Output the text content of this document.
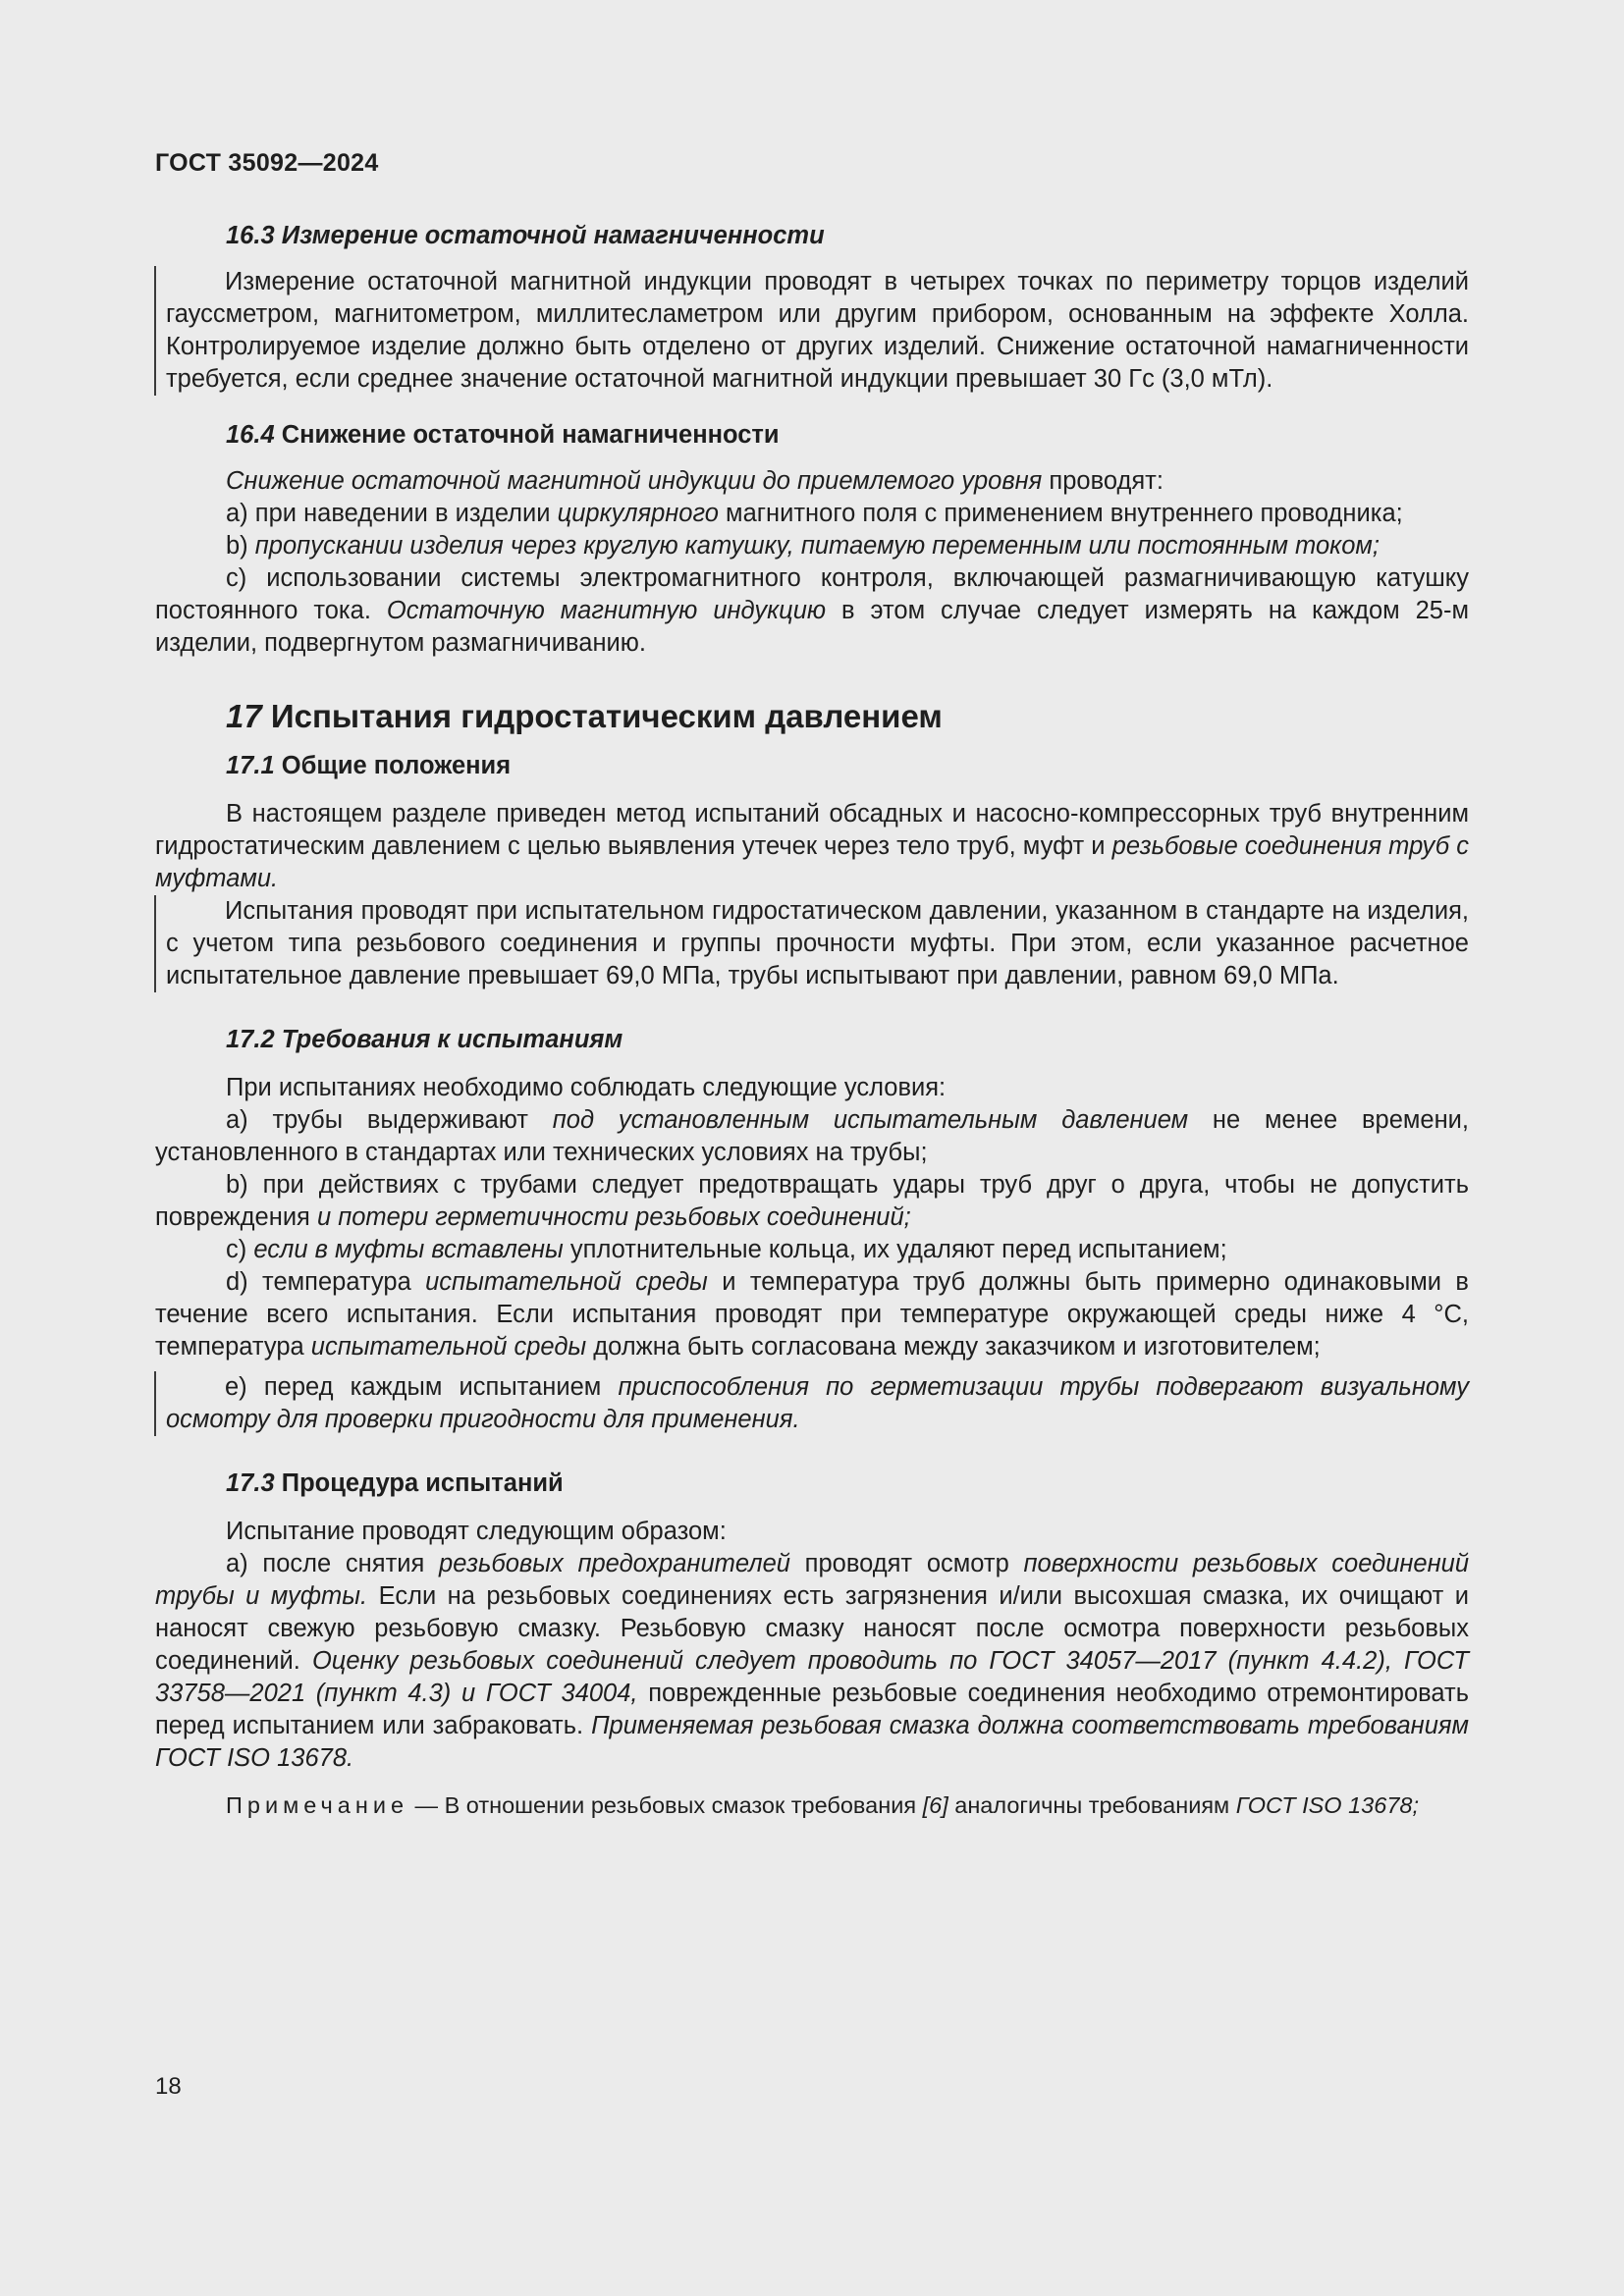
ГОСТ 35092—2024

16.3 Измерение остаточной намагниченности

Измерение остаточной магнитной индукции проводят в четырех точках по периметру торцов изделий гауссметром, магнитометром, миллитесламетром или другим прибором, основанным на эффекте Холла. Контролируемое изделие должно быть отделено от других изделий. Снижение остаточной намагниченности требуется, если среднее значение остаточной магнитной индукции превышает 30 Гс (3,0 мТл).

16.4 Снижение остаточной намагниченности

Снижение остаточной магнитной индукции до приемлемого уровня проводят:

a) при наведении в изделии циркулярного магнитного поля с применением внутреннего проводника;

b) пропускании изделия через круглую катушку, питаемую переменным или постоянным током;

c) использовании системы электромагнитного контроля, включающей размагничивающую катушку постоянного тока. Остаточную магнитную индукцию в этом случае следует измерять на каждом 25-м изделии, подвергнутом размагничиванию.

17 Испытания гидростатическим давлением

17.1 Общие положения

В настоящем разделе приведен метод испытаний обсадных и насосно-компрессорных труб внутренним гидростатическим давлением с целью выявления утечек через тело труб, муфт и резьбовые соединения труб с муфтами.

Испытания проводят при испытательном гидростатическом давлении, указанном в стандарте на изделия, с учетом типа резьбового соединения и группы прочности муфты. При этом, если указанное расчетное испытательное давление превышает 69,0 МПа, трубы испытывают при давлении, равном 69,0 МПа.

17.2 Требования к испытаниям

При испытаниях необходимо соблюдать следующие условия:

a) трубы выдерживают под установленным испытательным давлением не менее времени, установленного в стандартах или технических условиях на трубы;

b) при действиях с трубами следует предотвращать удары труб друг о друга, чтобы не допустить повреждения и потери герметичности резьбовых соединений;

c) если в муфты вставлены уплотнительные кольца, их удаляют перед испытанием;

d) температура испытательной среды и температура труб должны быть примерно одинаковыми в течение всего испытания. Если испытания проводят при температуре окружающей среды ниже 4 °C, температура испытательной среды должна быть согласована между заказчиком и изготовителем;

e) перед каждым испытанием приспособления по герметизации трубы подвергают визуальному осмотру для проверки пригодности для применения.

17.3 Процедура испытаний

Испытание проводят следующим образом:

a) после снятия резьбовых предохранителей проводят осмотр поверхности резьбовых соединений трубы и муфты. Если на резьбовых соединениях есть загрязнения и/или высохшая смазка, их очищают и наносят свежую резьбовую смазку. Резьбовую смазку наносят после осмотра поверхности резьбовых соединений. Оценку резьбовых соединений следует проводить по ГОСТ 34057—2017 (пункт 4.4.2), ГОСТ 33758—2021 (пункт 4.3) и ГОСТ 34004, поврежденные резьбовые соединения необходимо отремонтировать перед испытанием или забраковать. Применяемая резьбовая смазка должна соответствовать требованиям ГОСТ ISO 13678.

Примечание — В отношении резьбовых смазок требования [6] аналогичны требованиям ГОСТ ISO 13678;

18
